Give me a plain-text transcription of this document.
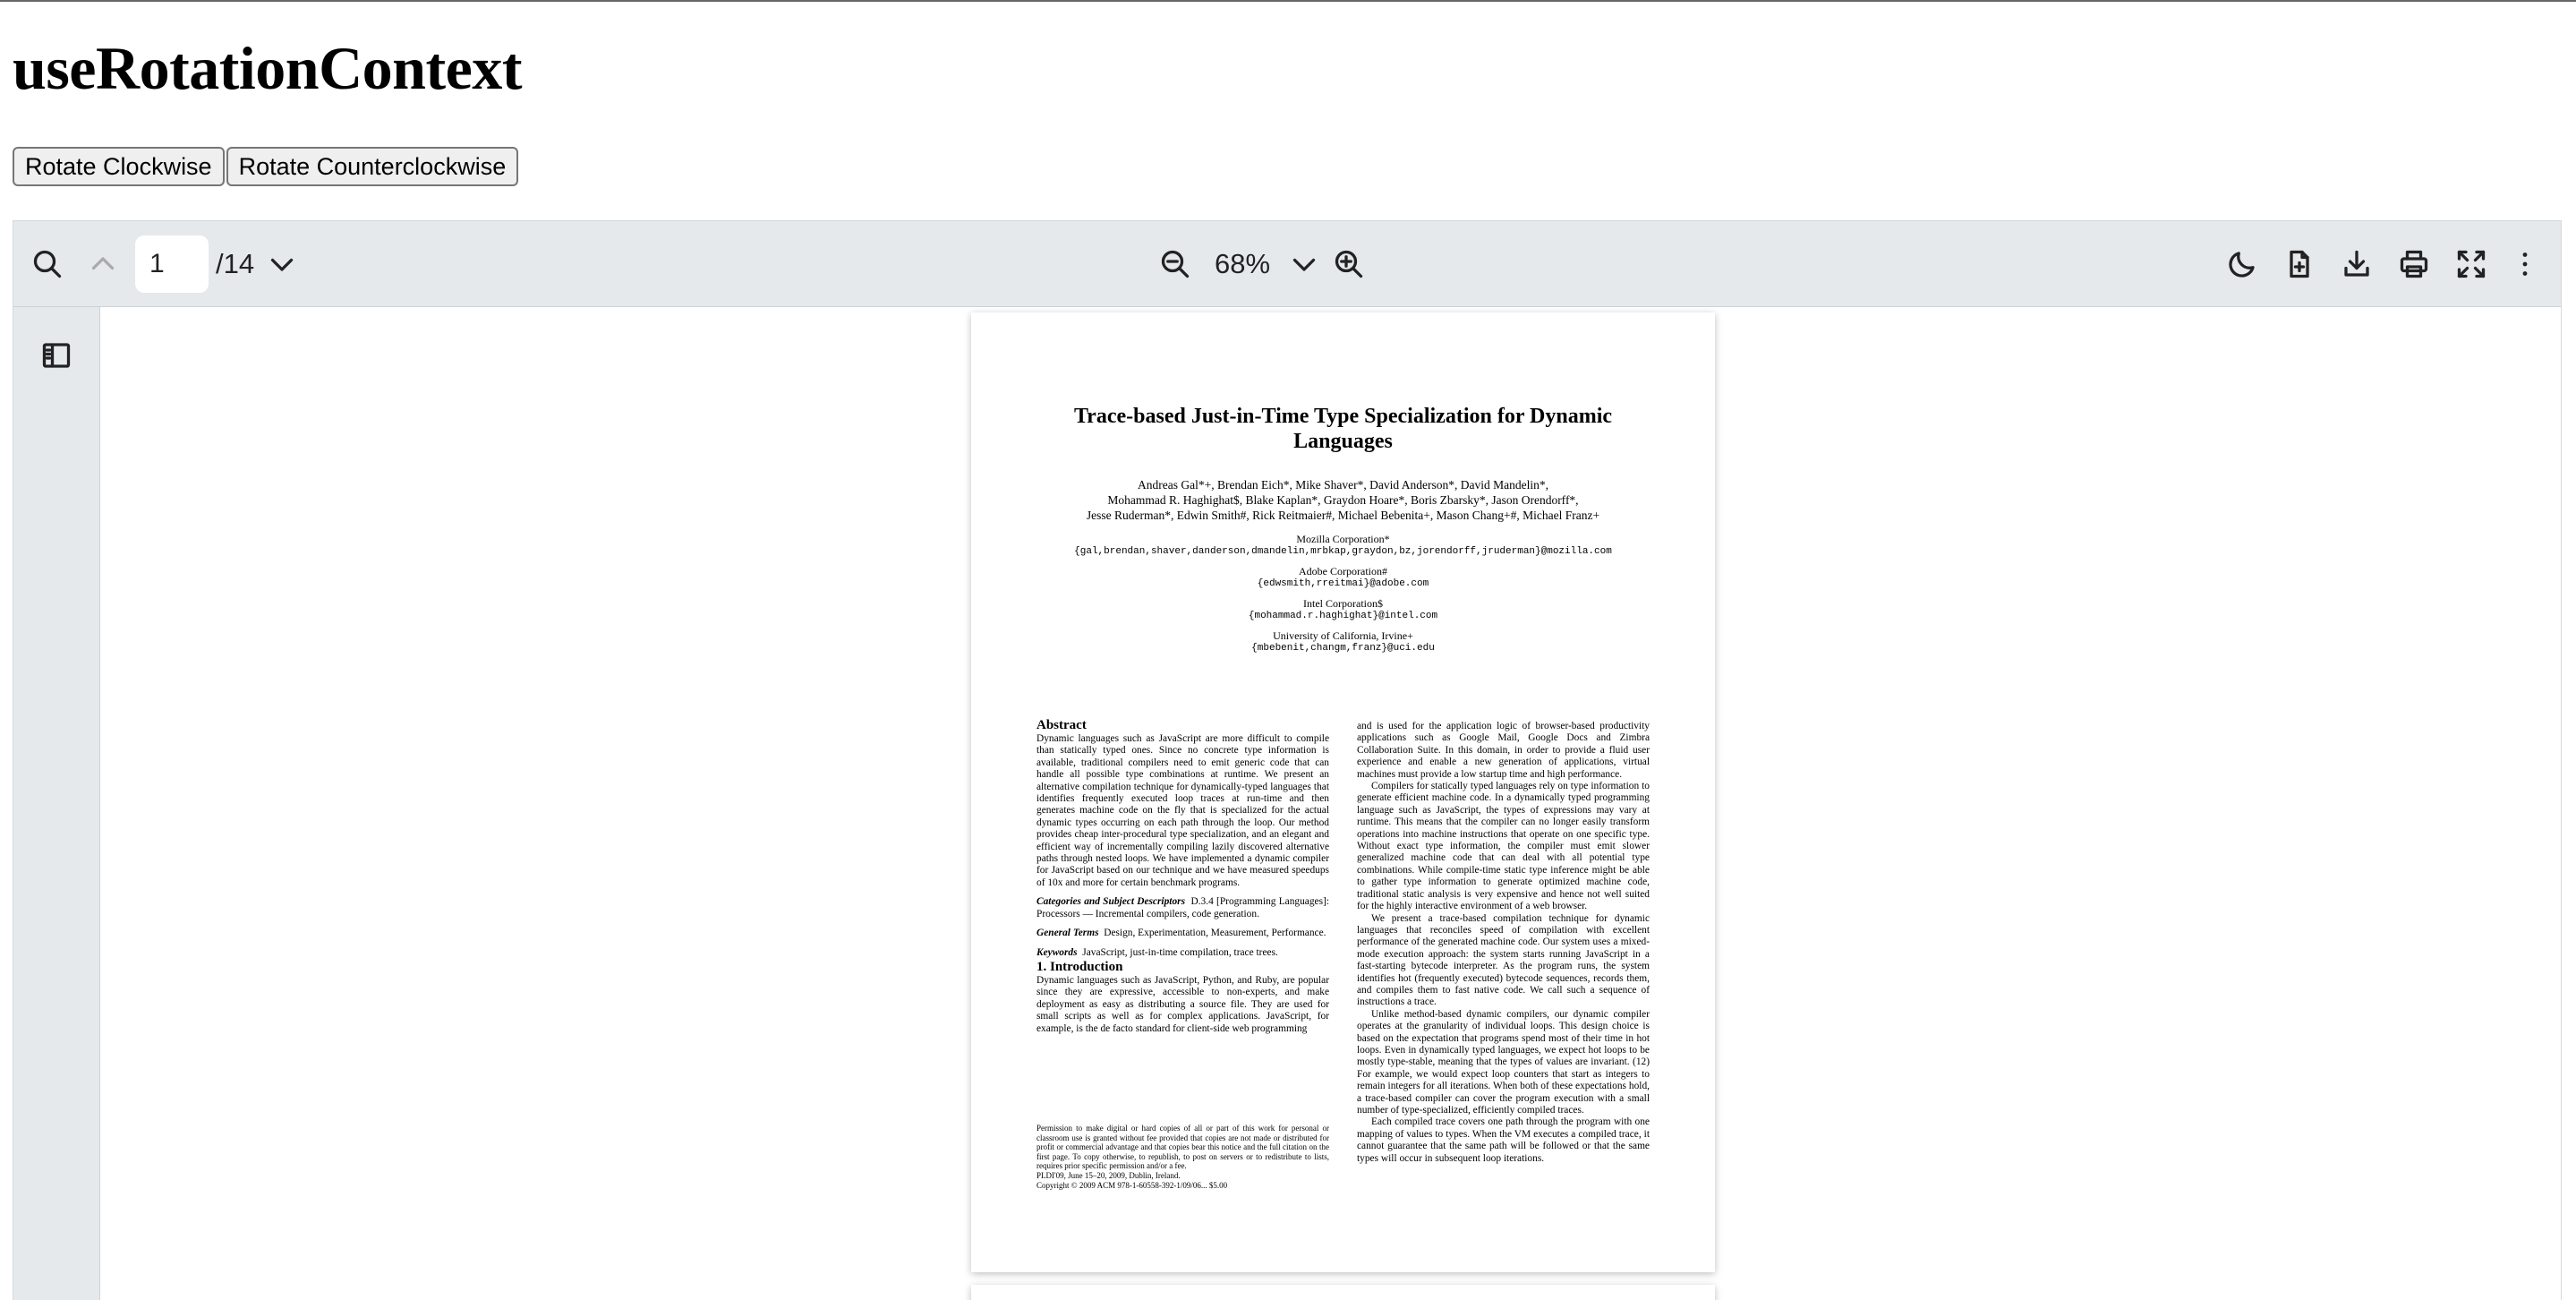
useRotationContext
Rotate Clockwise	Rotate Counterclockwise
1
/14	68%
Trace-based Just-in-Time Type Specialization for Dynamic Languages
Andreas Gal*+, Brendan Eich*, Mike Shaver*, David Anderson*, David Mandelin*,
Mohammad R. Haghighat$, Blake Kaplan*, Graydon Hoare*, Boris Zbarsky*, Jason Orendorff*,
Jesse Ruderman*, Edwin Smith#, Rick Reitmaier#, Michael Bebenita+, Mason Chang+#, Michael Franz+
Mozilla Corporation*
{gal,brendan,shaver,danderson,dmandelin,mrbkap,graydon,bz,jorendorff,jruderman}@mozilla.com
Adobe Corporation#
{edwsmith,rreitmai}@adobe.com
Intel Corporation$
{mohammad.r.haghighat}@intel.com
University of California, Irvine+
{mbebenit,changm,franz}@uci.edu

Abstract

Dynamic languages such as JavaScript are more difficult to compile than statically typed ones. Since no concrete type information is available, traditional compilers need to emit generic code that can handle all possible type combinations at runtime. We present an alternative compilation technique for dynamically-typed languages that identifies frequently executed loop traces at run-time and then generates machine code on the fly that is specialized for the actual dynamic types occurring on each path through the loop. Our method provides cheap inter-procedural type specialization, and an elegant and efficient way of incrementally compiling lazily discovered alternative paths through nested loops. We have implemented a dynamic compiler for JavaScript based on our technique and we have measured speedups of 10x and more for certain benchmark programs.

Categories and Subject Descriptors D.3.4 [Programming Languages]: Processors — Incremental compilers, code generation.

General Terms Design, Experimentation, Measurement, Performance.

Keywords JavaScript, just-in-time compilation, trace trees.

1. Introduction

Dynamic languages such as JavaScript, Python, and Ruby, are popular since they are expressive, accessible to non-experts, and make deployment as easy as distributing a source file. They are used for small scripts as well as for complex applications. JavaScript, for example, is the de facto standard for client-side web programming

Permission to make digital or hard copies of all or part of this work for personal or classroom use is granted without fee provided that copies are not made or distributed for profit or commercial advantage and that copies bear this notice and the full citation on the first page. To copy otherwise, to republish, to post on servers or to redistribute to lists, requires prior specific permission and/or a fee.

PLDI'09, June 15–20, 2009, Dublin, Ireland.

Copyright © 2009 ACM 978-1-60558-392-1/09/06... $5.00

and is used for the application logic of browser-based productivity applications such as Google Mail, Google Docs and Zimbra Collaboration Suite. In this domain, in order to provide a fluid user experience and enable a new generation of applications, virtual machines must provide a low startup time and high performance.

Compilers for statically typed languages rely on type information to generate efficient machine code. In a dynamically typed programming language such as JavaScript, the types of expressions may vary at runtime. This means that the compiler can no longer easily transform operations into machine instructions that operate on one specific type. Without exact type information, the compiler must emit slower generalized machine code that can deal with all potential type combinations. While compile-time static type inference might be able to gather type information to generate optimized machine code, traditional static analysis is very expensive and hence not well suited for the highly interactive environment of a web browser.

We present a trace-based compilation technique for dynamic languages that reconciles speed of compilation with excellent performance of the generated machine code. Our system uses a mixed-mode execution approach: the system starts running JavaScript in a fast-starting bytecode interpreter. As the program runs, the system identifies hot (frequently executed) bytecode sequences, records them, and compiles them to fast native code. We call such a sequence of instructions a trace.

Unlike method-based dynamic compilers, our dynamic compiler operates at the granularity of individual loops. This design choice is based on the expectation that programs spend most of their time in hot loops. Even in dynamically typed languages, we expect hot loops to be mostly type-stable, meaning that the types of values are invariant. (12) For example, we would expect loop counters that start as integers to remain integers for all iterations. When both of these expectations hold, a trace-based compiler can cover the program execution with a small number of type-specialized, efficiently compiled traces.

Each compiled trace covers one path through the program with one mapping of values to types. When the VM executes a compiled trace, it cannot guarantee that the same path will be followed or that the same types will occur in subsequent loop iterations.
